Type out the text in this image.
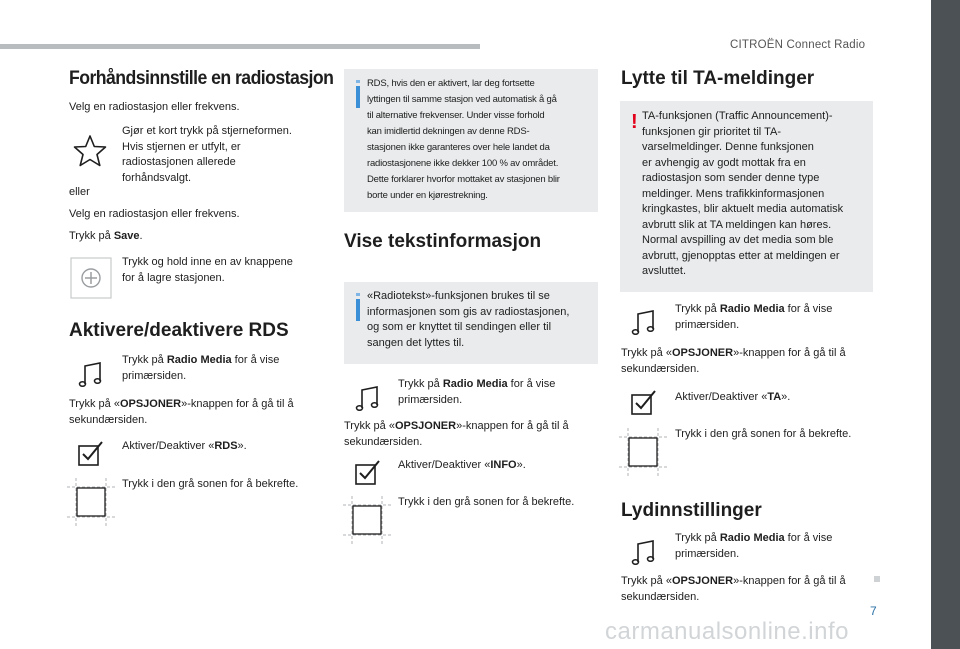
CITROËN Connect Radio
7
carmanualsonline.info
Forhåndsinnstille en radiostasjon

Velg en radiostasjon eller frekvens.

Gjør et kort trykk på stjerneformen.
Hvis stjernen er utfylt, er
radiostasjonen allerede
forhåndsvalgt.

eller

Velg en radiostasjon eller frekvens.

Trykk på Save.

Trykk og hold inne en av knappene
for å lagre stasjonen.
Aktivere/deaktivere RDS
Trykk på Radio Media for å vise
primærsiden.
Trykk på «OPSJONER»-knappen for å gå til å
sekundærsiden.

Aktiver/Deaktiver «RDS».

Trykk i den grå sonen for å bekrefte.

RDS, hvis den er aktivert, lar deg fortsette
lyttingen til samme stasjon ved automatisk å gå
til alternative frekvenser. Under visse forhold
kan imidlertid dekningen av denne RDS-
stasjonen ikke garanteres over hele landet da
radiostasjonene ikke dekker 100 % av området.
Dette forklarer hvorfor mottaket av stasjonen blir
borte under en kjørestrekning.
Vise tekstinformasjon
«Radiotekst»-funksjonen brukes til se
informasjonen som gis av radiostasjonen,
og som er knyttet til sendingen eller til
sangen det lyttes til.
Trykk på Radio Media for å vise
primærsiden.
Trykk på «OPSJONER»-knappen for å gå til å
sekundærsiden.

Aktiver/Deaktiver «INFO».

Trykk i den grå sonen for å bekrefte.

Lytte til TA-meldinger
! TA-funksjonen (Traffic Announcement)-
funksjonen gir prioritet til TA-
varselmeldinger. Denne funksjonen
er avhengig av godt mottak fra en
radiostasjon som sender denne type
meldinger. Mens trafikkinformasjonen
kringkastes, blir aktuelt media automatisk
avbrutt slik at TA meldingen kan høres.
Normal avspilling av det media som ble
avbrutt, gjenopptas etter at meldingen er
avsluttet.
Trykk på Radio Media for å vise
primærsiden.
Trykk på «OPSJONER»-knappen for å gå til å
sekundærsiden.

Aktiver/Deaktiver «TA».

Trykk i den grå sonen for å bekrefte.

Lydinnstillinger
Trykk på Radio Media for å vise
primærsiden.
Trykk på «OPSJONER»-knappen for å gå til å
sekundærsiden.
